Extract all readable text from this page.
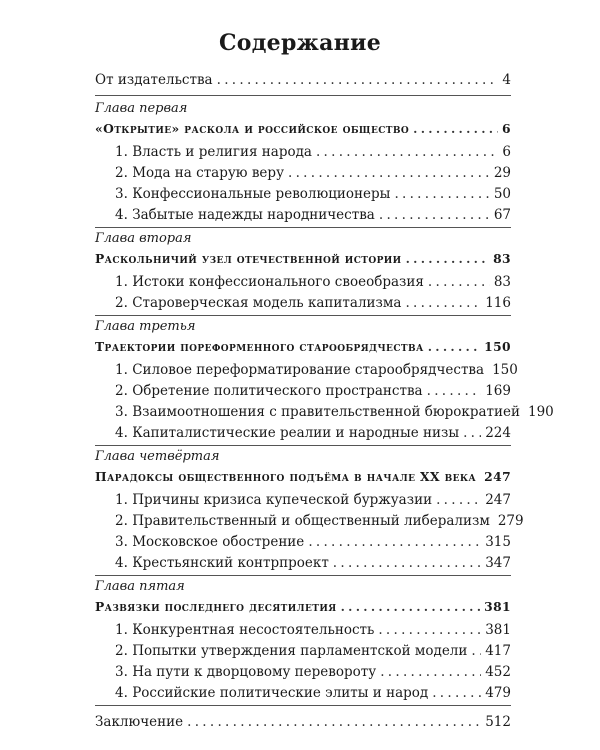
Содержание
От издательства . . .	4
Глава первая
«Открытие» раскола и российское общество . . .	6
1.
Власть и религия народа . . .	6
2.
Мода на старую веру . . .	29
3.
Конфессиональные революционеры . . .	50
4.
Забытые надежды народничества . . .	67
Глава вторая
Раскольничий узел отечественной истории . . .	83
1.
Истоки конфессионального своеобразия . . .	83
2.
Староверческая модель капитализма . . .	116
Глава третья
Траектории пореформенного старообрядчества . . .	150
1.
Силовое переформатирование старообрядчества 150
2.
Обретение политического пространства . . .	169
3.
Взаимоотношения с правительственной бюрократией 190
4.
Капиталистические реалии и народные низы . . . 224
Глава четвёртая
Парадоксы общественного подъёма в начале XX века 247
1.
Причины кризиса купеческой буржуазии . . .	247
2.
Правительственный и общественный либерализм 279
3.
Московское обострение . . .	315
4.
Крестьянский контрпроект . . .	347
Глава пятая
Развязки последнего десятилетия . . .	381
1.
Конкурентная несостоятельность . . .	381
2.
Попытки утверждения парламентской модели . . . 417
3.
На пути к дворцовому перевороту . . .	452
4.
Российские политические элиты и народ . . .	479
Заключение . . .	512
